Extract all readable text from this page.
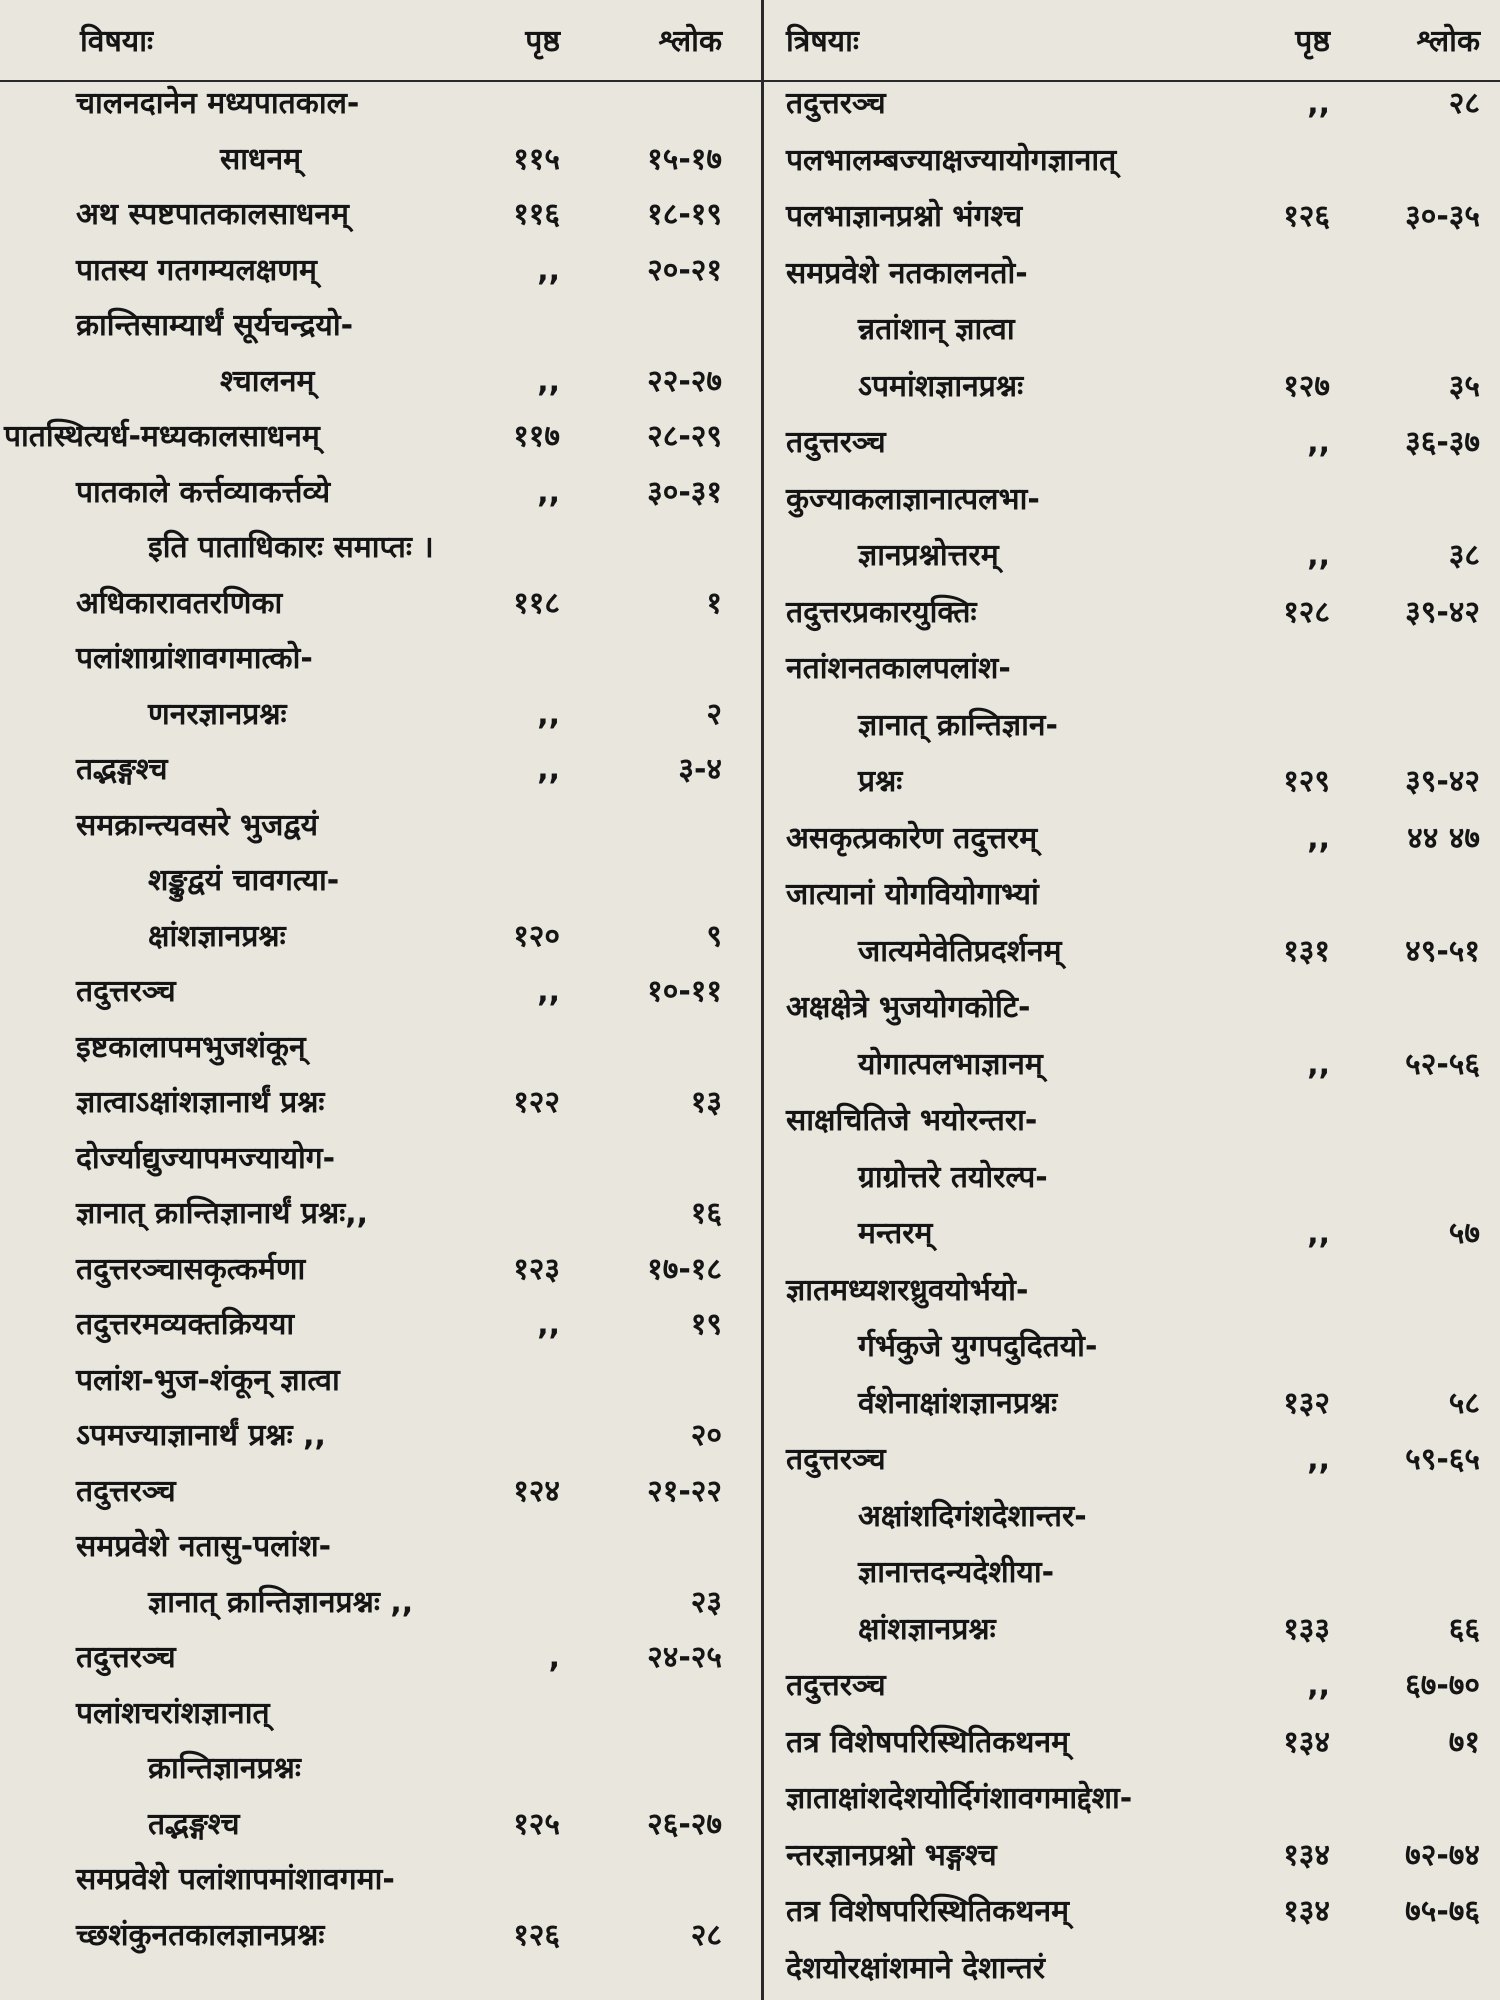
विषयाः	पृष्ठ	श्लोक
चालनदानेन मध्यपातकाल-
साधनम्	११५	१५-१७
अथ स्पष्टपातकालसाधनम्	११६	१८-१९
पातस्य गतगम्यलक्षणम्	,,	२०-२१
क्रान्तिसाम्यार्थं सूर्यचन्द्रयो-
श्चालनम्	,,	२२-२७
पातस्थित्यर्ध-मध्यकालसाधनम्	११७	२८-२९
पातकाले कर्त्तव्याकर्त्तव्ये	,,	३०-३१
इति पाताधिकारः समाप्तः ।
अधिकारावतरणिका	११८	१
पलांशाग्रांशावगमात्को-
णनरज्ञानप्रश्नः	,,	२
तद्भङ्गश्च	,,	३-४
समक्रान्त्यवसरे भुजद्वयं
शङ्कुद्वयं चावगत्या-
क्षांशज्ञानप्रश्नः	१२०	९
तदुत्तरञ्च	,,	१०-११
इष्टकालापमभुजशंकून्
ज्ञात्वाऽक्षांशज्ञानार्थं प्रश्नः	१२२	१३
दोर्ज्याद्युज्यापमज्यायोग-
ज्ञानात् क्रान्तिज्ञानार्थं प्रश्नः,,	१६
तदुत्तरञ्चासकृत्कर्मणा	१२३	१७-१८
तदुत्तरमव्यक्तक्रियया	,,	१९
पलांश-भुज-शंकून् ज्ञात्वा
ऽपमज्याज्ञानार्थं प्रश्नः ,,	२०
तदुत्तरञ्च	१२४	२१-२२
समप्रवेशे नतासु-पलांश-
ज्ञानात् क्रान्तिज्ञानप्रश्नः ,,	२३
तदुत्तरञ्च	,	२४-२५
पलांशचरांशज्ञानात्
क्रान्तिज्ञानप्रश्नः
तद्भङ्गश्च	१२५	२६-२७
समप्रवेशे पलांशापमांशावगमा-
च्छशंकुनतकालज्ञानप्रश्नः	१२६	२८
त्रिषयाः	पृष्ठ	श्लोक
तदुत्तरञ्च	,,	२८
पलभालम्बज्याक्षज्यायोगज्ञानात्
पलभाज्ञानप्रश्नो भंगश्च	१२६	३०-३५
समप्रवेशे नतकालनतो-
न्नतांशान् ज्ञात्वा
ऽपमांशज्ञानप्रश्नः	१२७	३५
तदुत्तरञ्च	,,	३६-३७
कुज्याकलाज्ञानात्पलभा-
ज्ञानप्रश्नोत्तरम्	,,	३८
तदुत्तरप्रकारयुक्तिः	१२८	३९-४२
नतांशनतकालपलांश-
ज्ञानात् क्रान्तिज्ञान-
प्रश्नः	१२९	३९-४२
असकृत्प्रकारेण तदुत्तरम्	,,	४४ ४७
जात्यानां योगवियोगाभ्यां
जात्यमेवेतिप्रदर्शनम्	१३१	४९-५१
अक्षक्षेत्रे भुजयोगकोटि-
योगात्पलभाज्ञानम्	,,	५२-५६
साक्षचितिजे भयोरन्तरा-
ग्राग्रोत्तरे तयोरल्प-
मन्तरम्	,,	५७
ज्ञातमध्यशरध्रुवयोर्भयो-
र्गर्भकुजे युगपदुदितयो-
र्वशेनाक्षांशज्ञानप्रश्नः	१३२	५८
तदुत्तरञ्च	,,	५९-६५
अक्षांशदिगंशदेशान्तर-
ज्ञानात्तदन्यदेशीया-
क्षांशज्ञानप्रश्नः	१३३	६६
तदुत्तरञ्च	,,	६७-७०
तत्र विशेषपरिस्थितिकथनम्	१३४	७१
ज्ञाताक्षांशदेशयोर्दिगंशावगमाद्देशा-
न्तरज्ञानप्रश्नो भङ्गश्च	१३४	७२-७४
तत्र विशेषपरिस्थितिकथनम्	१३४	७५-७६
देशयोरक्षांशमाने देशान्तरं
